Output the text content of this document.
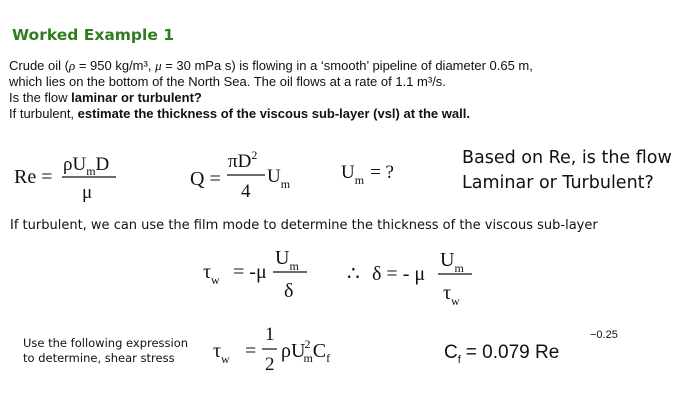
Worked Example 1
Crude oil (ρ = 950 kg/m³, μ = 30 mPa s) is flowing in a ‘smooth’ pipeline of diameter 0.65 m,
which lies on the bottom of the North Sea. The oil flows at a rate of 1.1 m³/s.
Is the flow laminar or turbulent?
If turbulent, estimate the thickness of the viscous sub-layer (vsl) at the wall.
Re =
$\rho U_mD$
μ
Q =
$\pi D^2$
4
$U_m$
$U_m$ = ?
$\tau_w = -\mu$
$U_m$
δ
∴ δ = - μ
$U_m$
$\tau_w$
$\tau_w$ =
1
2
ρU2 $mC_f$	$C_f = 0.079$ Re
−0.25
Based on Re, is the flow
Laminar or Turbulent?
If turbulent, we can use the film mode to determine the thickness of the viscous sub-layer
Use the following expression
to determine, shear stress
